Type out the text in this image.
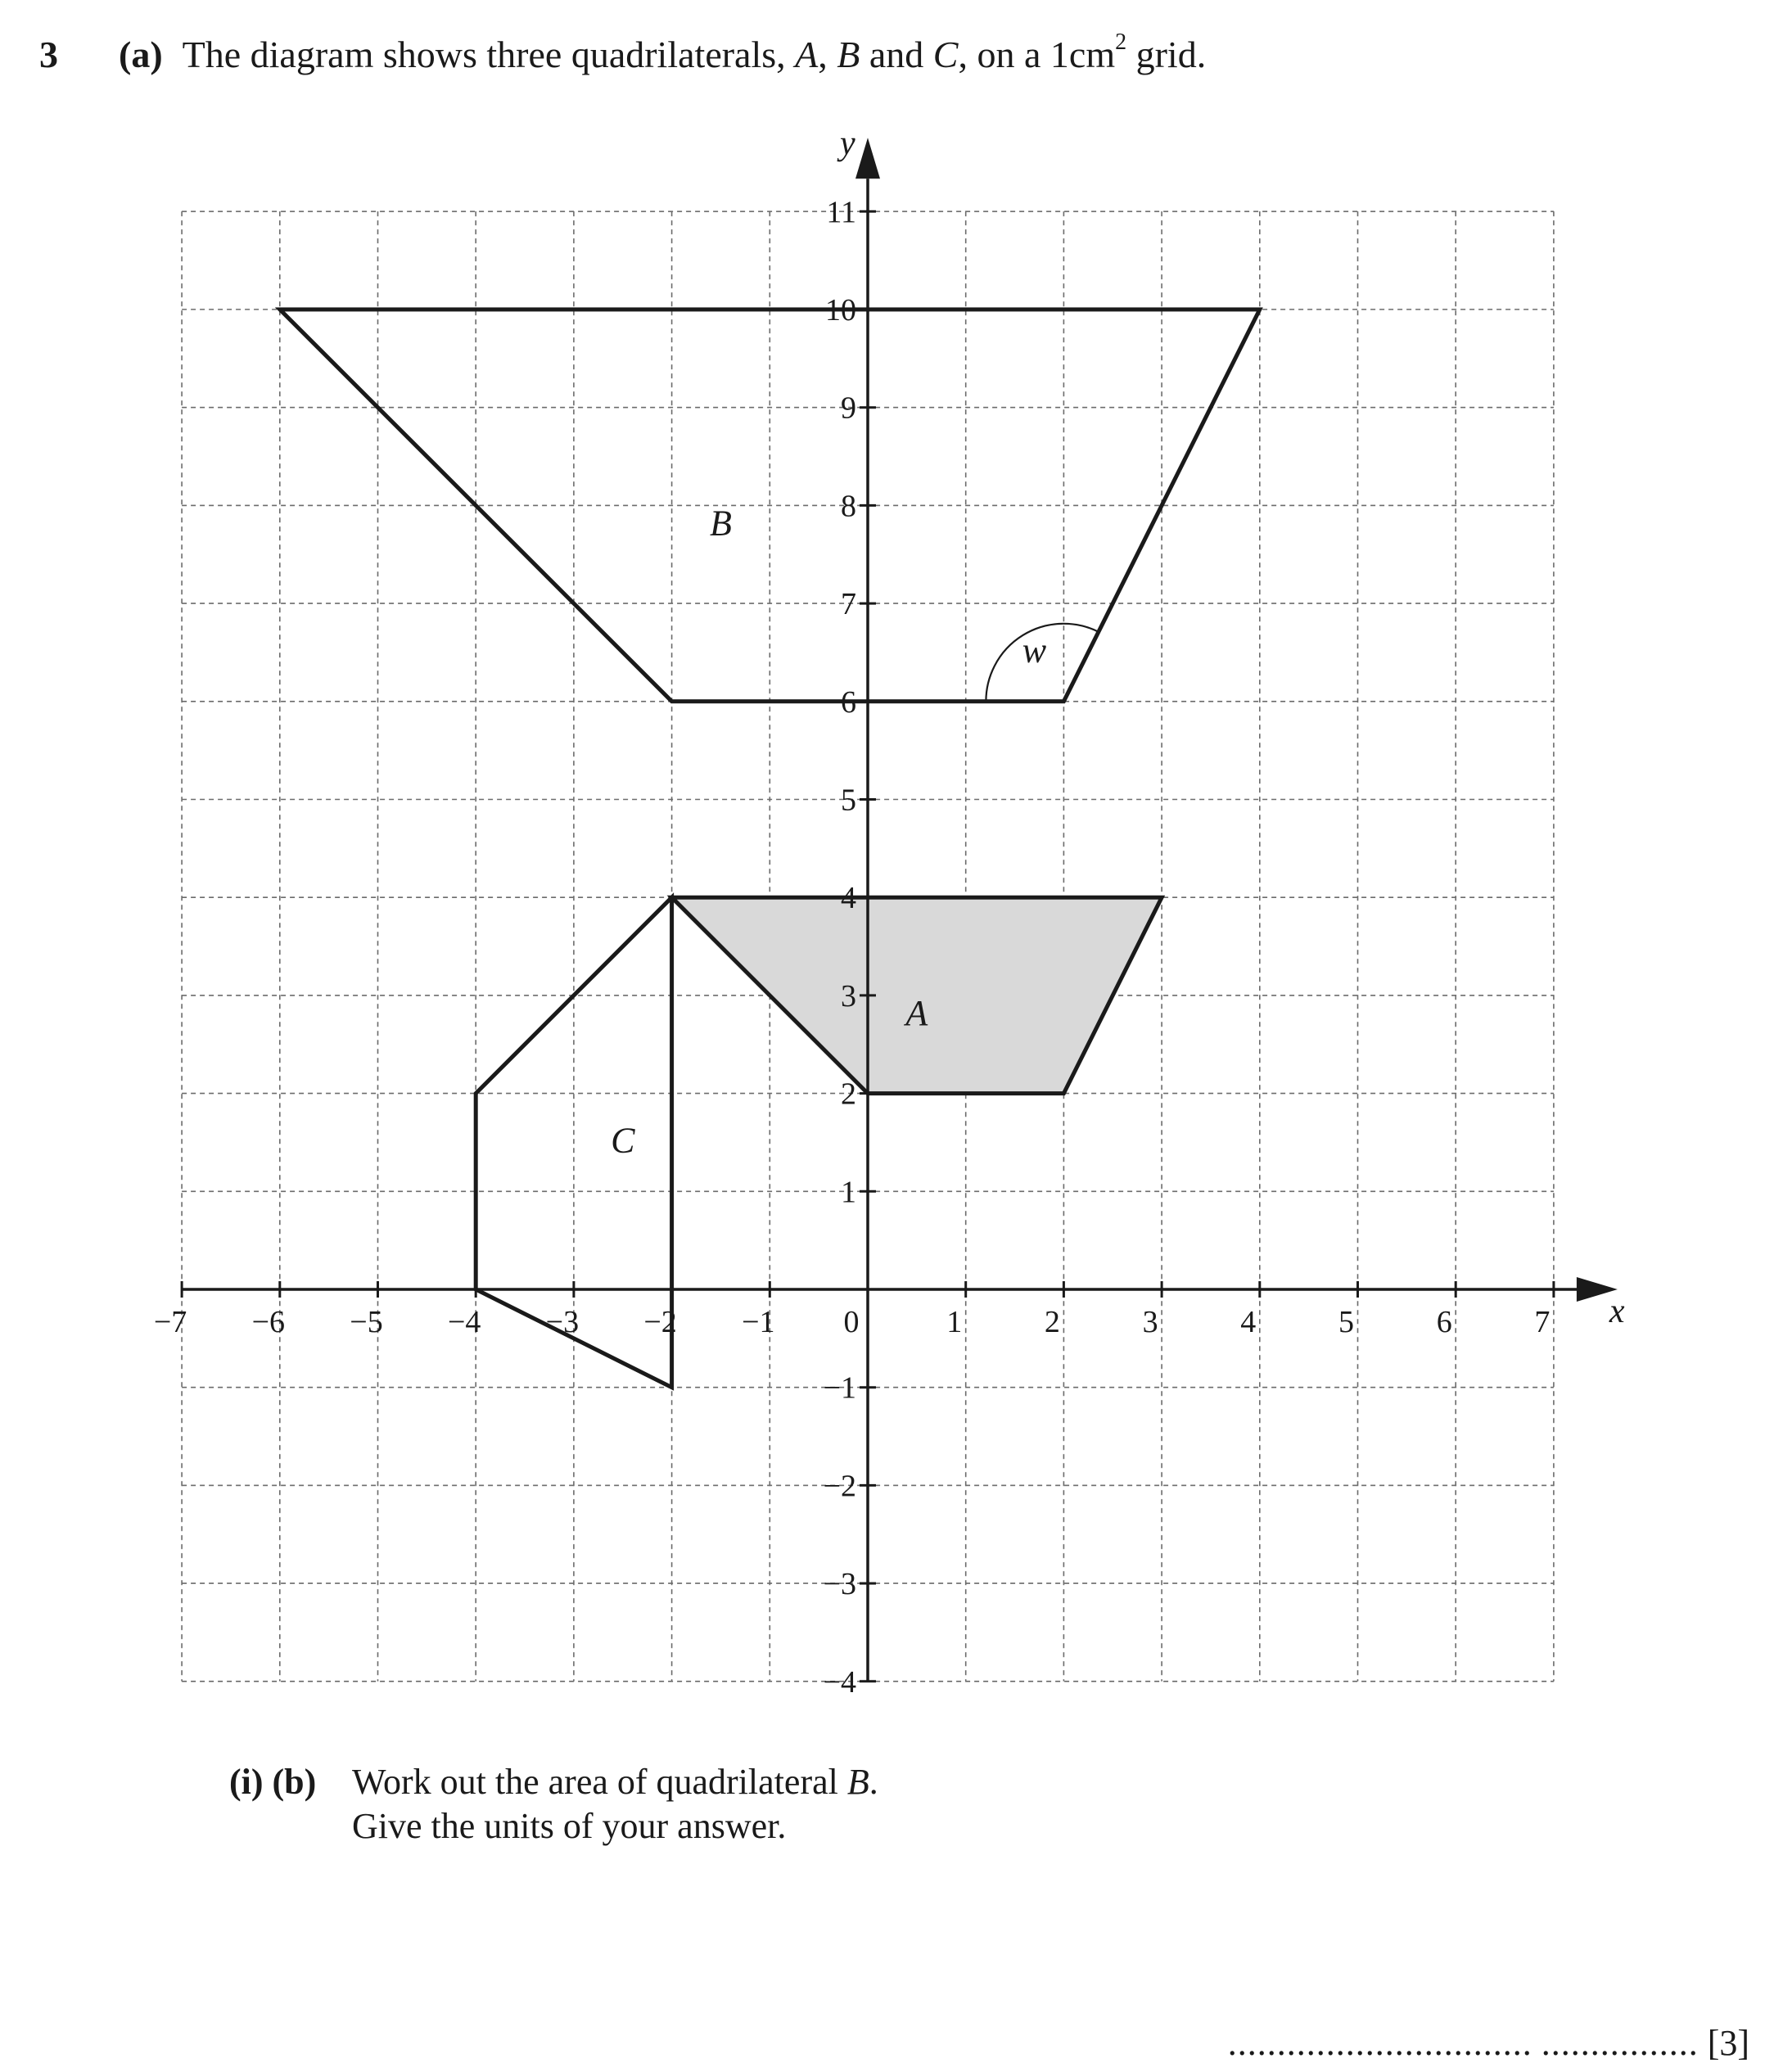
3 (a) The diagram shows three quadrilaterals, A, B and C, on a $1cm^2$ grid.
x
y
−7 −6 −5 −4 −3 −2 −1 0	1	2	3	4	5	6	7
11
10
9
8
7
6
5
4
3
2
1
−1
−2
−3
−4
B
A
C
w
(i) (b) Work out the area of quadrilateral B.
Give the units of your answer.
............................... ................ [3]
